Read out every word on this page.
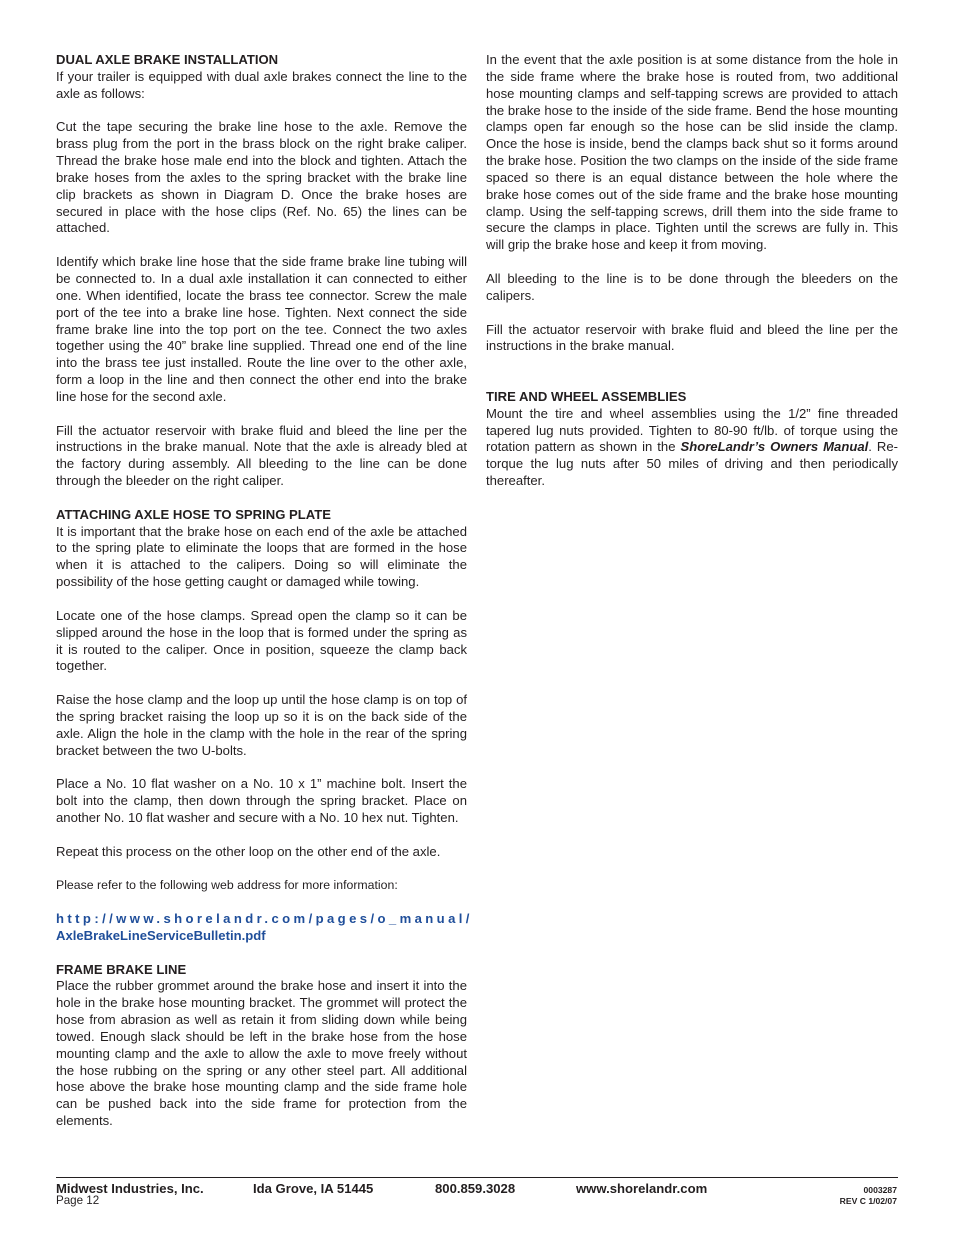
DUAL AXLE BRAKE INSTALLATION

If your trailer is equipped with dual axle brakes connect the line to the axle as follows:

Cut the tape securing the brake line hose to the axle. Remove the brass plug from the port in the brass block on the right brake caliper. Thread the brake hose male end into the block and tighten. Attach the brake hoses from the axles to the spring bracket with the brake line clip brackets as shown in Diagram D. Once the brake hoses are secured in place with the hose clips (Ref. No. 65) the lines can be attached.

Identify which brake line hose that the side frame brake line tubing will be connected to. In a dual axle installation it can connected to either one. When identified, locate the brass tee connector. Screw the male port of the tee into a brake line hose. Tighten. Next connect the side frame brake line into the top port on the tee. Connect the two axles together using the 40” brake line supplied. Thread one end of the line into the brass tee just installed. Route the line over to the other axle, form a loop in the line and then connect the other end into the brake line hose for the second axle.

Fill the actuator reservoir with brake fluid and bleed the line per the instructions in the brake manual. Note that the axle is already bled at the factory during assembly. All bleeding to the line can be done through the bleeder on the right caliper.

ATTACHING AXLE HOSE TO SPRING PLATE

It is important that the brake hose on each end of the axle be attached to the spring plate to eliminate the loops that are formed in the hose when it is attached to the calipers. Doing so will eliminate the possibility of the hose getting caught or damaged while towing.

Locate one of the hose clamps. Spread open the clamp so it can be slipped around the hose in the loop that is formed under the spring as it is routed to the caliper. Once in position, squeeze the clamp back together.

Raise the hose clamp and the loop up until the hose clamp is on top of the spring bracket raising the loop up so it is on the back side of the axle. Align the hole in the clamp with the hole in the rear of the spring bracket between the two U-bolts.

Place a No. 10 flat washer on a No. 10 x 1” machine bolt. Insert the bolt into the clamp, then down through the spring bracket. Place on another No. 10 flat washer and secure with a No. 10 hex nut. Tighten.

Repeat this process on the other loop on the other end of the axle.

Please refer to the following web address for more information:

http://www.shorelandr.com/pages/o_manual/
AxleBrakeLineServiceBulletin.pdf
FRAME BRAKE LINE

Place the rubber grommet around the brake hose and insert it into the hole in the brake hose mounting bracket. The grommet will protect the hose from abrasion as well as retain it from sliding down while being towed. Enough slack should be left in the brake hose from the hose mounting clamp and the axle to allow the axle to move freely without the hose rubbing on the spring or any other steel part. All additional hose above the brake hose mounting clamp and the side frame hole can be pushed back into the side frame for protection from the elements.

In the event that the axle position is at some distance from the hole in the side frame where the brake hose is routed from, two additional hose mounting clamps and self-tapping screws are provided to attach the brake hose to the inside of the side frame. Bend the hose mounting clamps open far enough so the hose can be slid inside the clamp. Once the hose is inside, bend the clamps back shut so it forms around the brake hose. Position the two clamps on the inside of the side frame spaced so there is an equal distance between the hole where the brake hose comes out of the side frame and the brake hose mounting clamp. Using the self-tapping screws, drill them into the side frame to secure the clamps in place. Tighten until the screws are fully in. This will grip the brake hose and keep it from moving.

All bleeding to the line is to be done through the bleeders on the calipers.

Fill the actuator reservoir with brake fluid and bleed the line per the instructions in the brake manual.

TIRE AND WHEEL ASSEMBLIES

Mount the tire and wheel assemblies using the 1/2” fine threaded tapered lug nuts provided. Tighten to 80-90 ft/lb. of torque using the rotation pattern as shown in the ShoreLandr’s Owners Manual. Re-torque the lug nuts after 50 miles of driving and then periodically thereafter.

Midwest Industries, Inc.	Ida Grove, IA 51445	800.859.3028	www.shorelandr.com
Page 12
0003287
REV C 1/02/07
